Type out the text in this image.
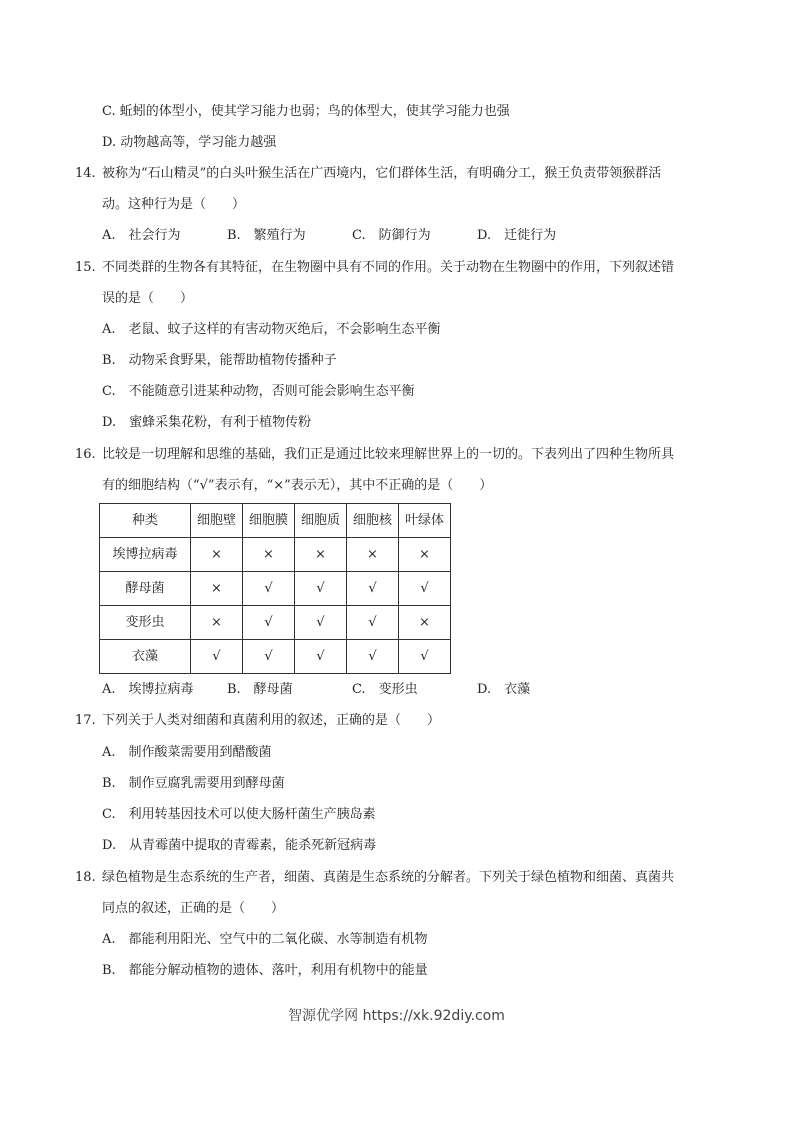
C. 蚯蚓的体型小，使其学习能力也弱；鸟的体型大，使其学习能力也强
D. 动物越高等，学习能力越强
14. 被称为“石山精灵”的白头叶猴生活在广西境内，它们群体生活，有明确分工，猴王负责带领猴群活
动。这种行为是（　　）
A.　社会行为	B.　繁殖行为	C.　防御行为	D.　迁徙行为
15. 不同类群的生物各有其特征，在生物圈中具有不同的作用。关于动物在生物圈中的作用，下列叙述错
误的是（　　）
A.　老鼠、蚊子这样的有害动物灭绝后，不会影响生态平衡
B.　动物采食野果，能帮助植物传播种子
C.　不能随意引进某种动物，否则可能会影响生态平衡
D.　蜜蜂采集花粉，有利于植物传粉
16. 比较是一切理解和思维的基础，我们正是通过比较来理解世界上的一切的。下表列出了四种生物所具
有的细胞结构（“√”表示有，“×”表示无），其中不正确的是（　　）
种类	细胞壁	细胞膜	细胞质	细胞核	叶绿体
埃博拉病毒	×	×	×	×	×
酵母菌	×	√	√	√	√
变形虫	×	√	√	√	×
衣藻	√	√	√	√	√
A.　埃博拉病毒	B.　酵母菌	C.　变形虫	D.　衣藻
17. 下列关于人类对细菌和真菌利用的叙述，正确的是（　　）
A.　制作酸菜需要用到醋酸菌
B.　制作豆腐乳需要用到酵母菌
C.　利用转基因技术可以使大肠杆菌生产胰岛素
D.　从青霉菌中提取的青霉素，能杀死新冠病毒
18. 绿色植物是生态系统的生产者，细菌、真菌是生态系统的分解者。下列关于绿色植物和细菌、真菌共
同点的叙述，正确的是（　　）
A.　都能利用阳光、空气中的二氧化碳、水等制造有机物
B.　都能分解动植物的遗体、落叶，利用有机物中的能量
智源优学网 https://xk.92diy.com
